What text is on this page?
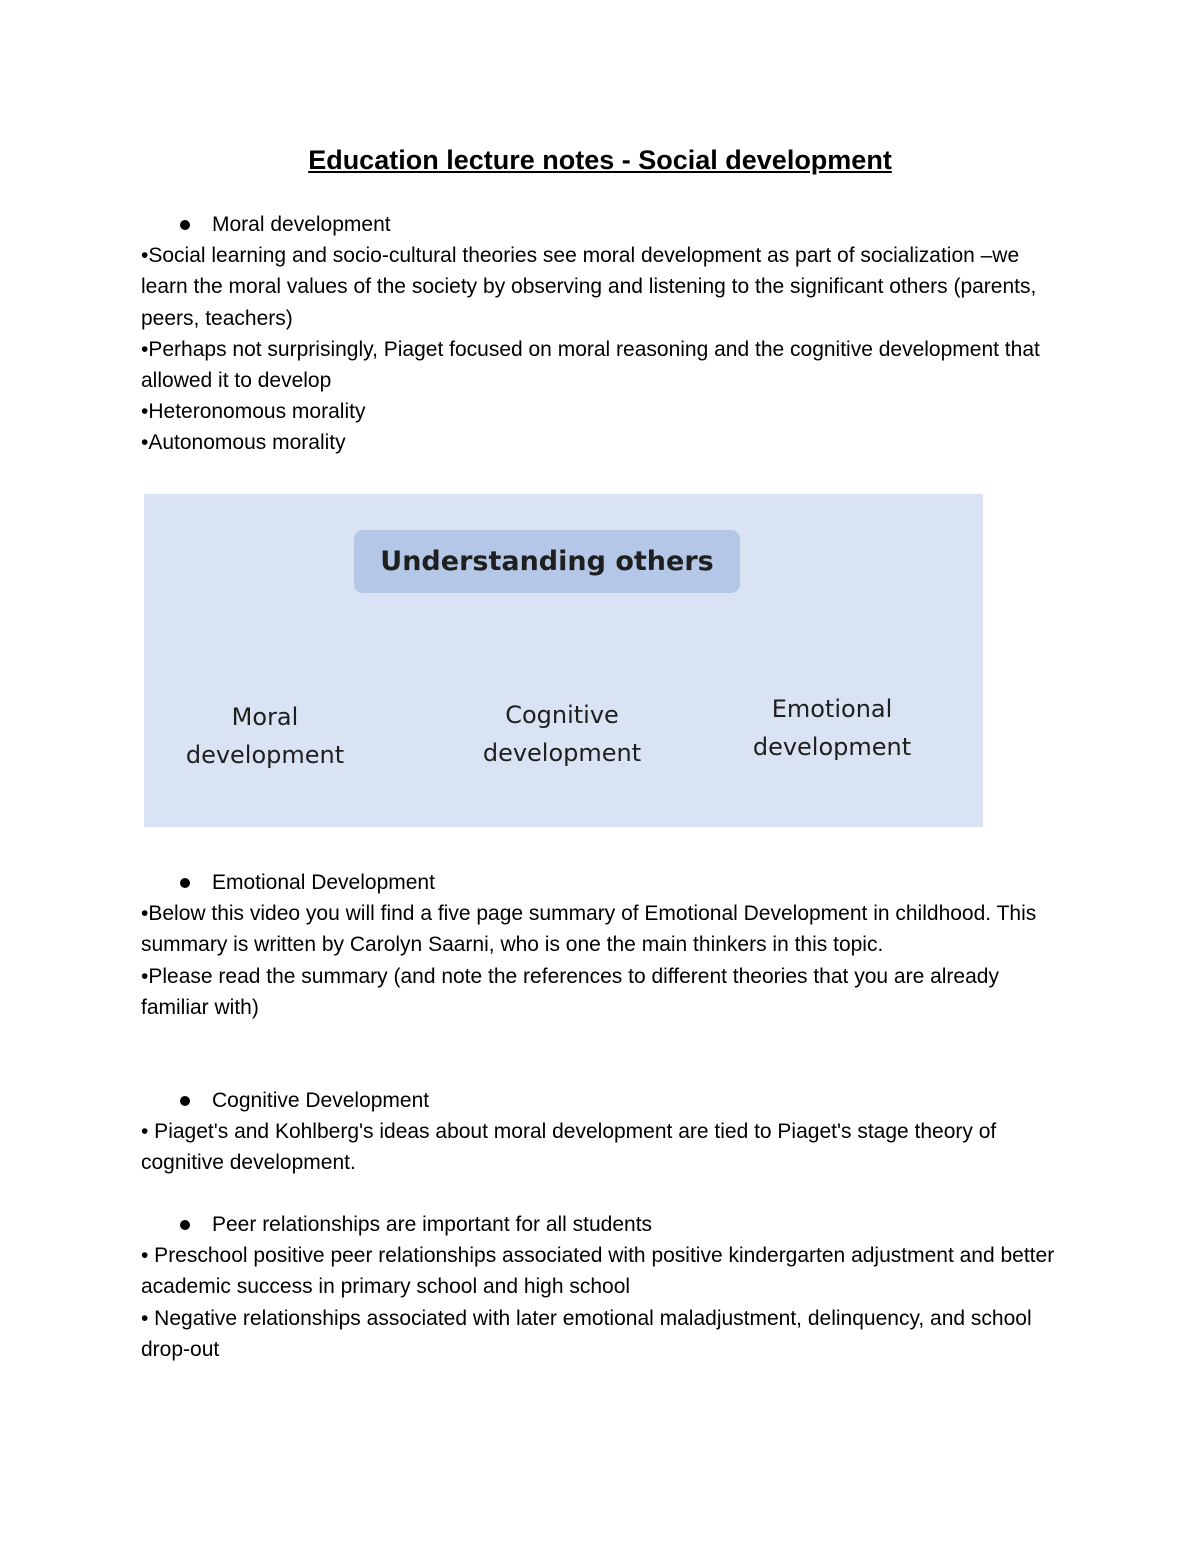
Education lecture notes - Social development
Moral development

•Social learning and socio-cultural theories see moral development as part of socialization –we learn the moral values of the society by observing and listening to the significant others (parents, peers, teachers)

•Perhaps not surprisingly, Piaget focused on moral reasoning and the cognitive development that allowed it to develop

•Heteronomous morality

•Autonomous morality

Understanding others
Moral
development
Cognitive
development
Emotional
development
Emotional Development

•Below this video you will find a five page summary of Emotional Development in childhood. This summary is written by Carolyn Saarni, who is one the main thinkers in this topic.

•Please read the summary (and note the references to different theories that you are already familiar with)

Cognitive Development

• Piaget's and Kohlberg's ideas about moral development are tied to Piaget's stage theory of cognitive development.

Peer relationships are important for all students

• Preschool positive peer relationships associated with positive kindergarten adjustment and better academic success in primary school and high school

• Negative relationships associated with later emotional maladjustment, delinquency, and school drop-out
